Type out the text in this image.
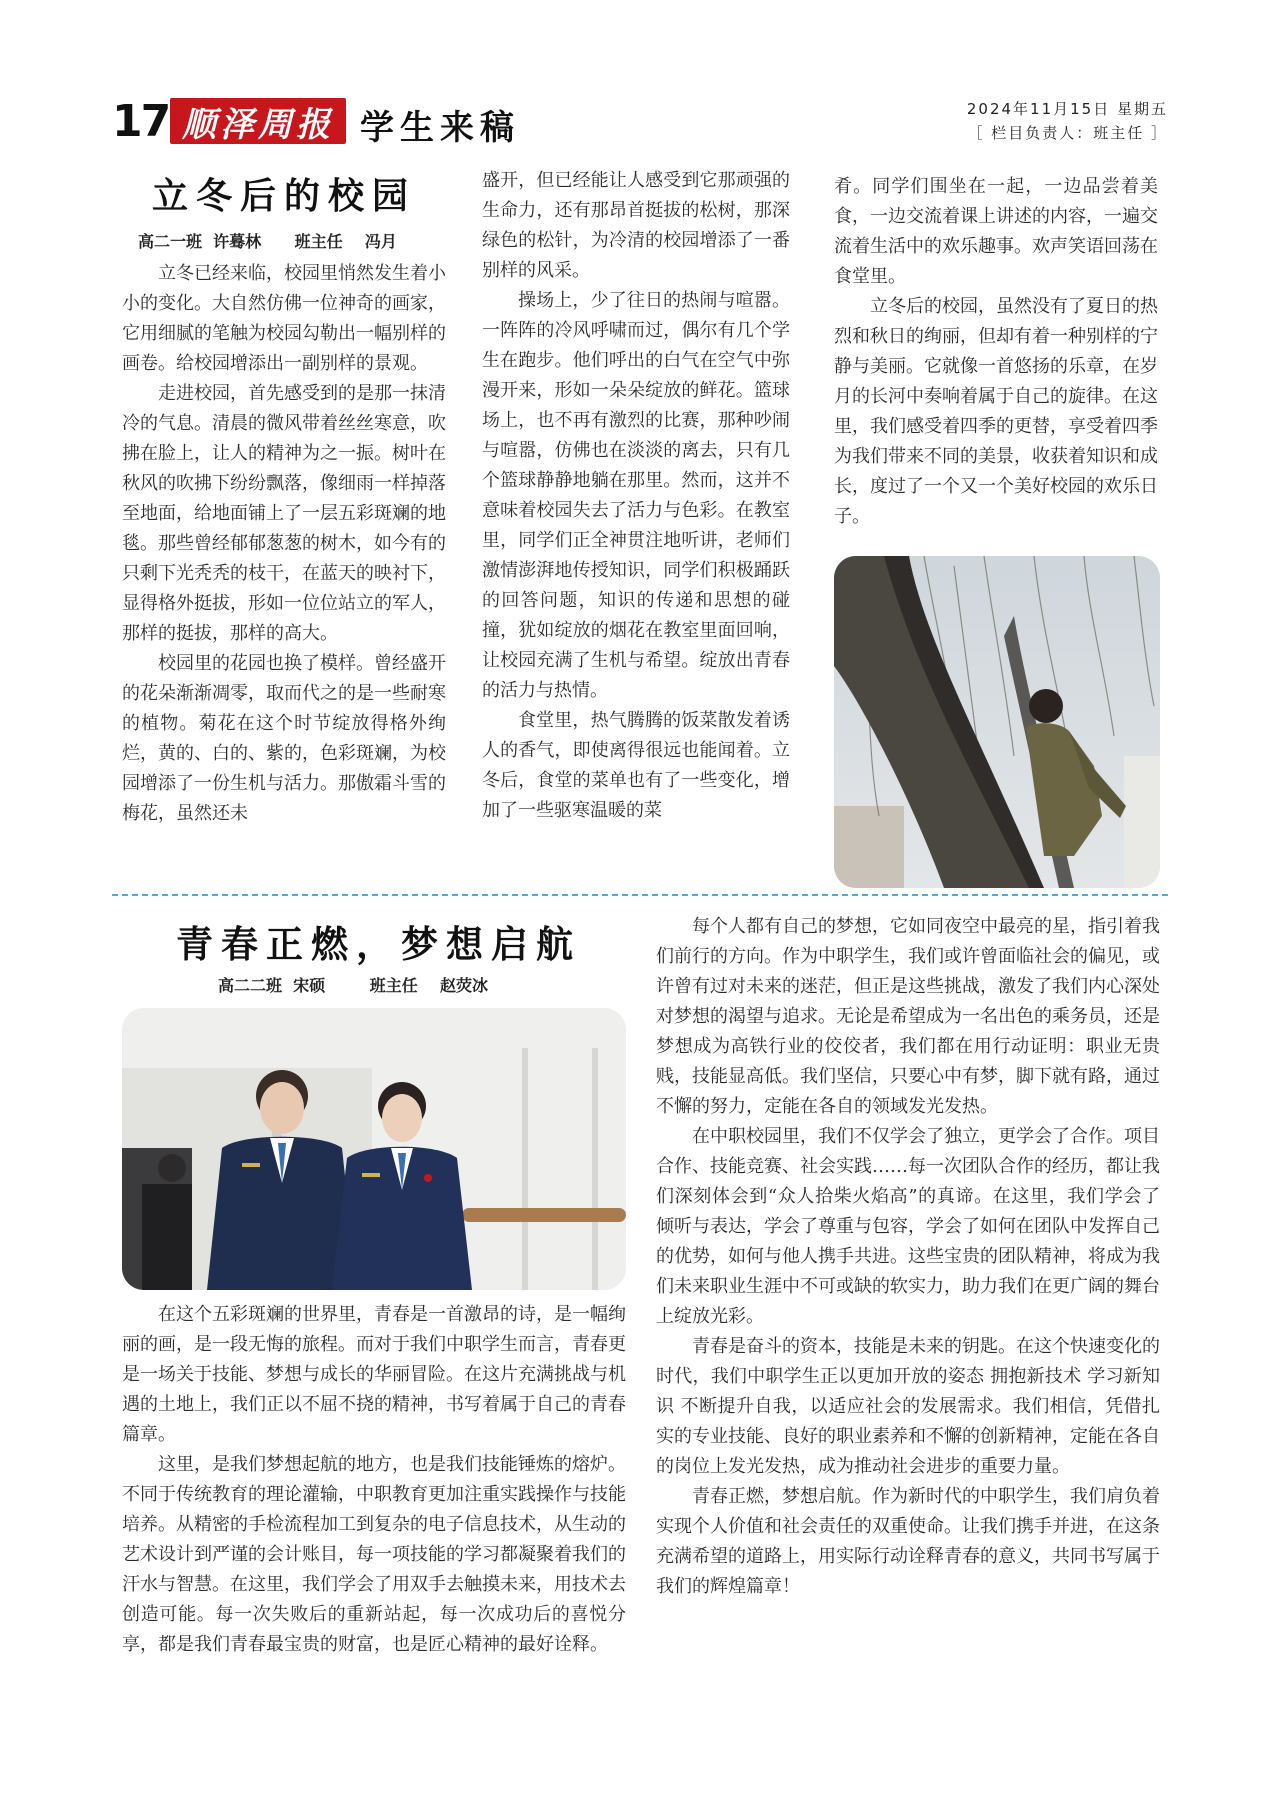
17 顺泽周报 学生来稿	2024年11月15日 星期五
［ 栏目负责人：班主任 ］
立冬后的校园
高二一班  许蓦林      班主任    冯月

立冬已经来临，校园里悄然发生着小小的变化。大自然仿佛一位神奇的画家，它用细腻的笔触为校园勾勒出一幅别样的画卷。给校园增添出一副别样的景观。

走进校园，首先感受到的是那一抹清冷的气息。清晨的微风带着丝丝寒意，吹拂在脸上，让人的精神为之一振。树叶在秋风的吹拂下纷纷飘落，像细雨一样掉落至地面，给地面铺上了一层五彩斑斓的地毯。那些曾经郁郁葱葱的树木，如今有的只剩下光秃秃的枝干，在蓝天的映衬下，显得格外挺拔，形如一位位站立的军人，那样的挺拔，那样的高大。

校园里的花园也换了模样。曾经盛开的花朵渐渐凋零，取而代之的是一些耐寒的植物。菊花在这个时节绽放得格外绚烂，黄的、白的、紫的，色彩斑斓，为校园增添了一份生机与活力。那傲霜斗雪的梅花，虽然还未

盛开，但已经能让人感受到它那顽强的生命力，还有那昂首挺拔的松树，那深绿色的松针，为冷清的校园增添了一番别样的风采。

操场上，少了往日的热闹与喧嚣。一阵阵的冷风呼啸而过，偶尔有几个学生在跑步。他们呼出的白气在空气中弥漫开来，形如一朵朵绽放的鲜花。篮球场上，也不再有激烈的比赛，那种吵闹与喧嚣，仿佛也在淡淡的离去，只有几个篮球静静地躺在那里。然而，这并不意味着校园失去了活力与色彩。在教室里，同学们正全神贯注地听讲，老师们激情澎湃地传授知识，同学们积极踊跃的回答问题，知识的传递和思想的碰撞，犹如绽放的烟花在教室里面回响，让校园充满了生机与希望。绽放出青春的活力与热情。

食堂里，热气腾腾的饭菜散发着诱人的香气，即使离得很远也能闻着。立冬后，食堂的菜单也有了一些变化，增加了一些驱寒温暖的菜

肴。同学们围坐在一起，一边品尝着美食，一边交流着课上讲述的内容，一遍交流着生活中的欢乐趣事。欢声笑语回荡在食堂里。

立冬后的校园，虽然没有了夏日的热烈和秋日的绚丽，但却有着一种别样的宁静与美丽。它就像一首悠扬的乐章，在岁月的长河中奏响着属于自己的旋律。在这里，我们感受着四季的更替，享受着四季为我们带来不同的美景，收获着知识和成长，度过了一个又一个美好校园的欢乐日子。

青春正燃，梦想启航
高二二班  宋硕        班主任    赵荧冰

在这个五彩斑斓的世界里，青春是一首激昂的诗，是一幅绚丽的画，是一段无悔的旅程。而对于我们中职学生而言，青春更是一场关于技能、梦想与成长的华丽冒险。在这片充满挑战与机遇的土地上，我们正以不屈不挠的精神，书写着属于自己的青春篇章。

这里，是我们梦想起航的地方，也是我们技能锤炼的熔炉。不同于传统教育的理论灌输，中职教育更加注重实践操作与技能培养。从精密的手检流程加工到复杂的电子信息技术，从生动的艺术设计到严谨的会计账目，每一项技能的学习都凝聚着我们的汗水与智慧。在这里，我们学会了用双手去触摸未来，用技术去创造可能。每一次失败后的重新站起，每一次成功后的喜悦分享，都是我们青春最宝贵的财富，也是匠心精神的最好诠释。

每个人都有自己的梦想，它如同夜空中最亮的星，指引着我们前行的方向。作为中职学生，我们或许曾面临社会的偏见，或许曾有过对未来的迷茫，但正是这些挑战，激发了我们内心深处对梦想的渴望与追求。无论是希望成为一名出色的乘务员，还是梦想成为高铁行业的佼佼者，我们都在用行动证明：职业无贵贱，技能显高低。我们坚信，只要心中有梦，脚下就有路，通过不懈的努力，定能在各自的领域发光发热。

在中职校园里，我们不仅学会了独立，更学会了合作。项目合作、技能竞赛、社会实践……每一次团队合作的经历，都让我们深刻体会到“众人拾柴火焰高”的真谛。在这里，我们学会了倾听与表达，学会了尊重与包容，学会了如何在团队中发挥自己的优势，如何与他人携手共进。这些宝贵的团队精神，将成为我们未来职业生涯中不可或缺的软实力，助力我们在更广阔的舞台上绽放光彩。

青春是奋斗的资本，技能是未来的钥匙。在这个快速变化的时代，我们中职学生正以更加开放的姿态 拥抱新技术 学习新知识 不断提升自我，以适应社会的发展需求。我们相信，凭借扎实的专业技能、良好的职业素养和不懈的创新精神，定能在各自的岗位上发光发热，成为推动社会进步的重要力量。

青春正燃，梦想启航。作为新时代的中职学生，我们肩负着实现个人价值和社会责任的双重使命。让我们携手并进，在这条充满希望的道路上，用实际行动诠释青春的意义，共同书写属于我们的辉煌篇章！
